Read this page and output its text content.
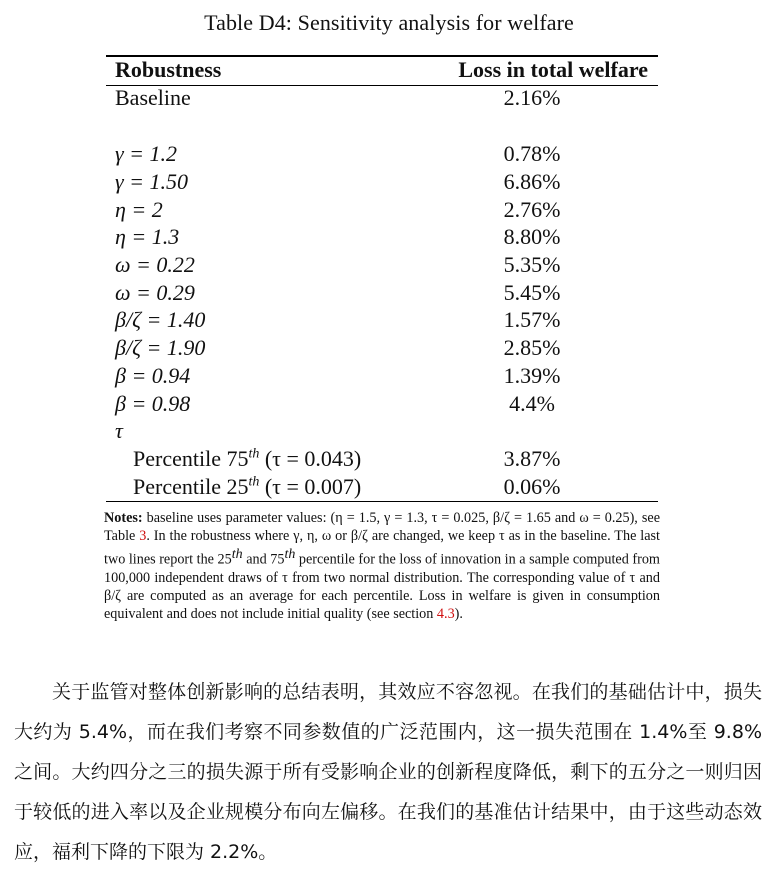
Table D4: Sensitivity analysis for welfare
Robustness	Loss in total welfare
Baseline	2.16%
γ = 1.2	0.78%
γ = 1.50	6.86%
η = 2	2.76%
η = 1.3	8.80%
ω = 0.22	5.35%
ω = 0.29	5.45%
β/ζ = 1.40	1.57%
β/ζ = 1.90	2.85%
β = 0.94	1.39%
β = 0.98	4.4%
τ
Percentile 75th (τ = 0.043)	3.87%
Percentile 25th (τ = 0.007)	0.06%
Notes: baseline uses parameter values: (η = 1.5, γ = 1.3, τ = 0.025, β/ζ = 1.65 and ω = 0.25), see Table 3. In the robustness where γ, η, ω or β/ζ are changed, we keep τ as in the baseline. The last two lines report the 25th and 75th percentile for the loss of innovation in a sample computed from 100,000 independent draws of τ from two normal distribution. The corresponding value of τ and β/ζ are computed as an average for each percentile. Loss in welfare is given in consumption equivalent and does not include initial quality (see section 4.3).

关于监管对整体创新影响的总结表明，其效应不容忽视。在我们的基础估计中，损失大约为 5.4%，而在我们考察不同参数值的广泛范围内，这一损失范围在 1.4%至 9.8%之间。大约四分之三的损失源于所有受影响企业的创新程度降低，剩下的五分之一则归因于较低的进入率以及企业规模分布向左偏移。在我们的基准估计结果中，由于这些动态效应，福利下降的下限为 2.2%。
